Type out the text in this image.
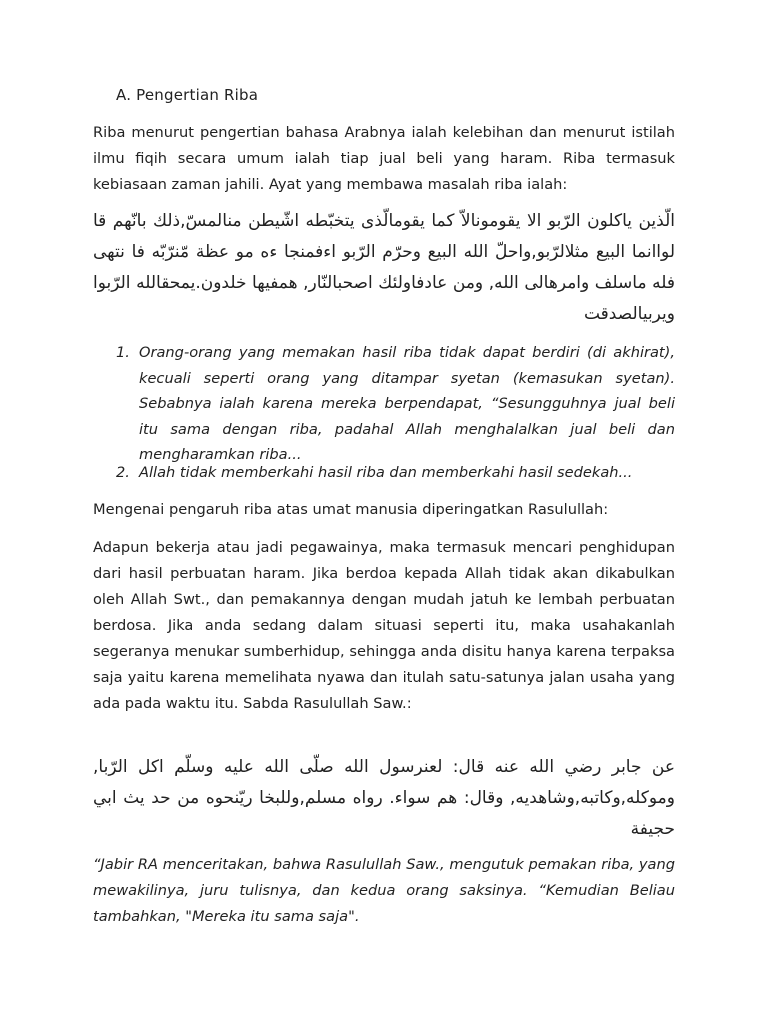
A. Pengertian Riba

Riba menurut pengertian bahasa Arabnya ialah kelebihan dan menurut istilah ilmu fiqih secara umum ialah tiap jual beli yang haram. Riba termasuk kebiasaan zaman jahili. Ayat yang membawa masalah riba ialah:

الّذين ياكلون الرّبو الا يقومونالاّ كما يقومالّذى يتخبّطه اشّيطن منالمسّ,ذلك بانّهم قا لواانما البيع مثلالرّبو,واحلّ الله البيع وحرّم الرّبو اءفمنجا ءه مو عظة مّنرّبّه فا نتهى فله ماسلف وامرهالى الله, ومن عادفاولئك اصحبالنّار, همفيها خلدون.يمحقالله الرّبوا ويربيالصدقت

1. Orang-orang yang memakan hasil riba tidak dapat berdiri (di akhirat), kecuali seperti orang yang ditampar syetan (kemasukan syetan). Sebabnya ialah karena mereka berpendapat, “Sesungguhnya jual beli itu sama dengan riba, padahal Allah menghalalkan jual beli dan mengharamkan riba...
2. Allah tidak memberkahi hasil riba dan memberkahi hasil sedekah...

Mengenai pengaruh riba atas umat manusia diperingatkan Rasulullah:

Adapun bekerja atau jadi pegawainya, maka termasuk mencari penghidupan dari hasil perbuatan haram. Jika berdoa kepada Allah tidak akan dikabulkan oleh Allah Swt., dan pemakannya dengan mudah jatuh ke lembah perbuatan berdosa. Jika anda sedang dalam situasi seperti itu, maka usahakanlah segeranya menukar sumberhidup, sehingga anda disitu hanya karena terpaksa saja yaitu karena memelihata nyawa dan itulah satu-satunya jalan usaha yang ada pada waktu itu. Sabda Rasulullah Saw.:

عن جابر رضي الله عنه قال: لعنرسول الله صلّى الله عليه وسلّم اكل الرّبا, وموكله,وكاتبه,وشاهديه, وقال: هم سواء. رواه مسلم,وللبخا ريّنحوه من حد يث ابي حجيفة

“Jabir RA menceritakan, bahwa Rasulullah Saw., mengutuk pemakan riba, yang mewakilinya, juru tulisnya, dan kedua orang saksinya. “Kemudian Beliau tambahkan, "Mereka itu sama saja".
